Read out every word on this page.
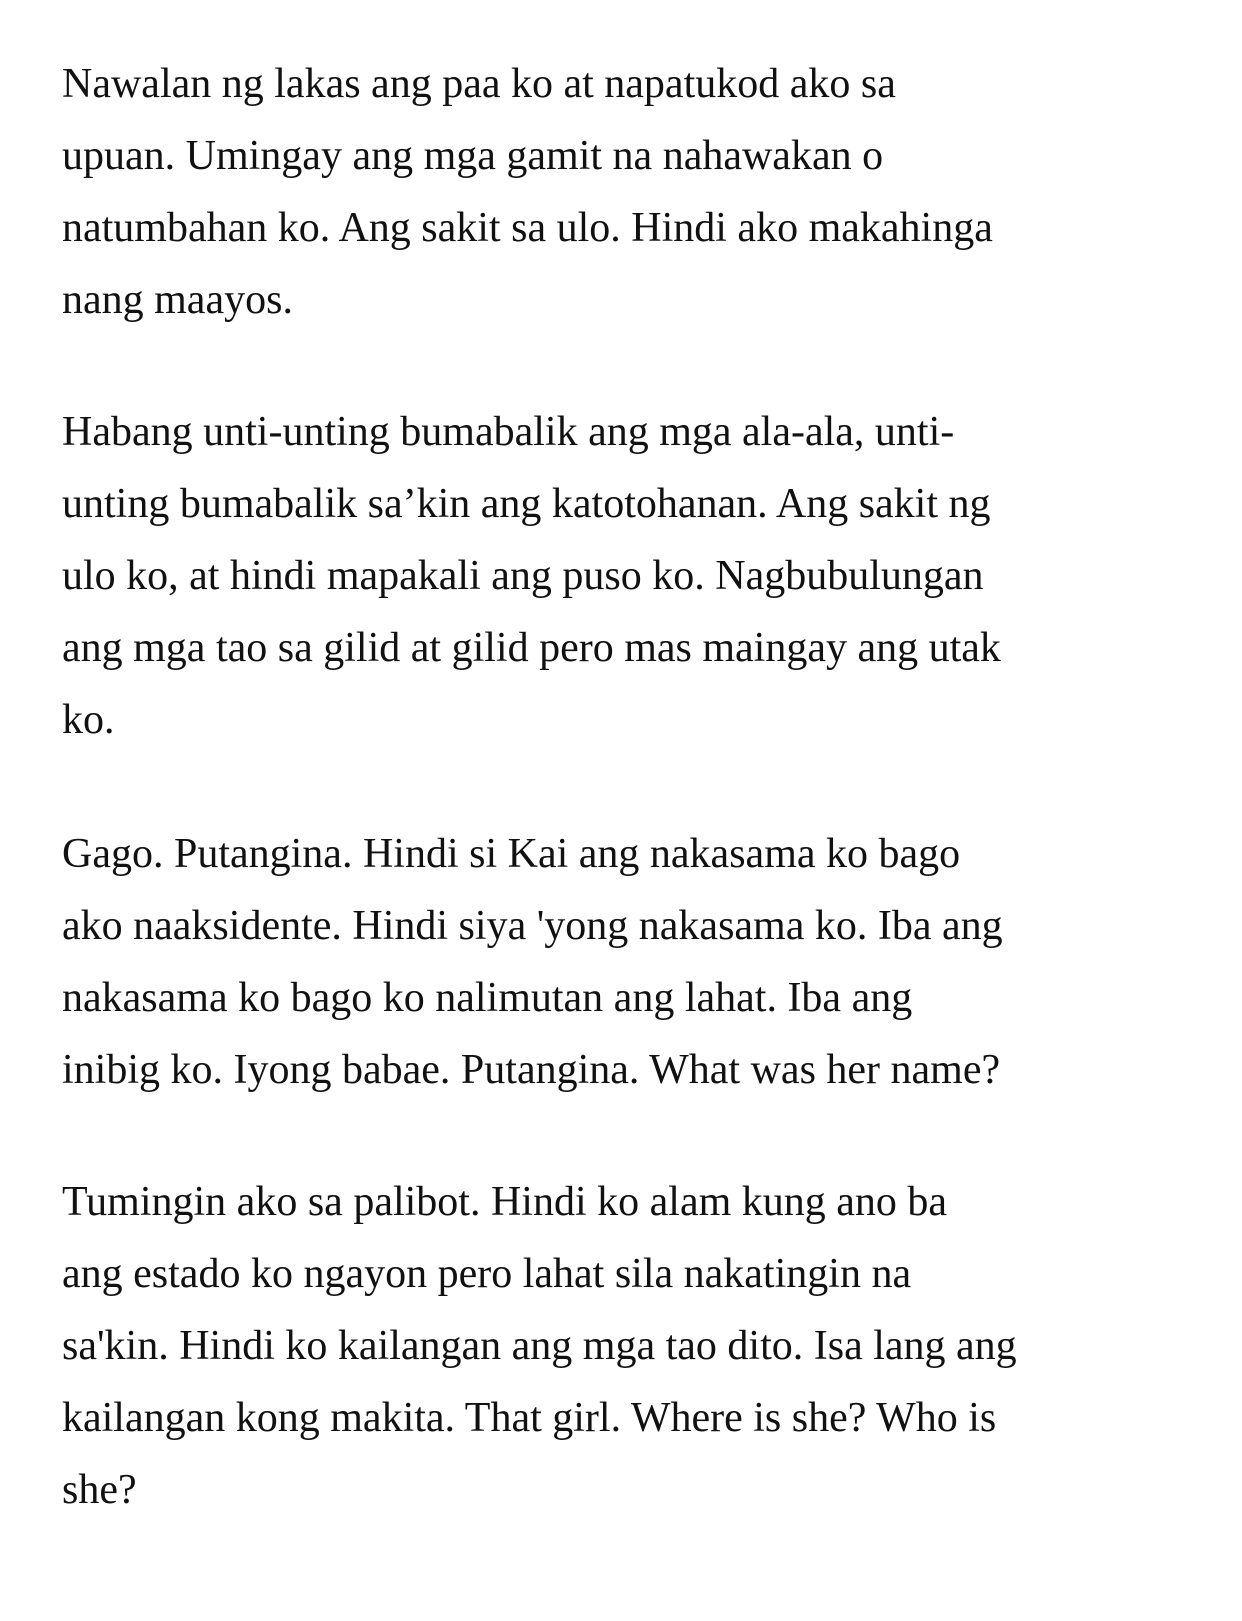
Nawalan ng lakas ang paa ko at napatukod ako sa
upuan. Umingay ang mga gamit na nahawakan o
natumbahan ko. Ang sakit sa ulo. Hindi ako makahinga
nang maayos.

Habang unti-unting bumabalik ang mga ala-ala, unti-
unting bumabalik sa’kin ang katotohanan. Ang sakit ng
ulo ko, at hindi mapakali ang puso ko. Nagbubulungan
ang mga tao sa gilid at gilid pero mas maingay ang utak
ko.

Gago. Putangina. Hindi si Kai ang nakasama ko bago
ako naaksidente. Hindi siya 'yong nakasama ko. Iba ang
nakasama ko bago ko nalimutan ang lahat. Iba ang
inibig ko. Iyong babae. Putangina. What was her name?

Tumingin ako sa palibot. Hindi ko alam kung ano ba
ang estado ko ngayon pero lahat sila nakatingin na
sa'kin. Hindi ko kailangan ang mga tao dito. Isa lang ang
kailangan kong makita. That girl. Where is she? Who is
she?
